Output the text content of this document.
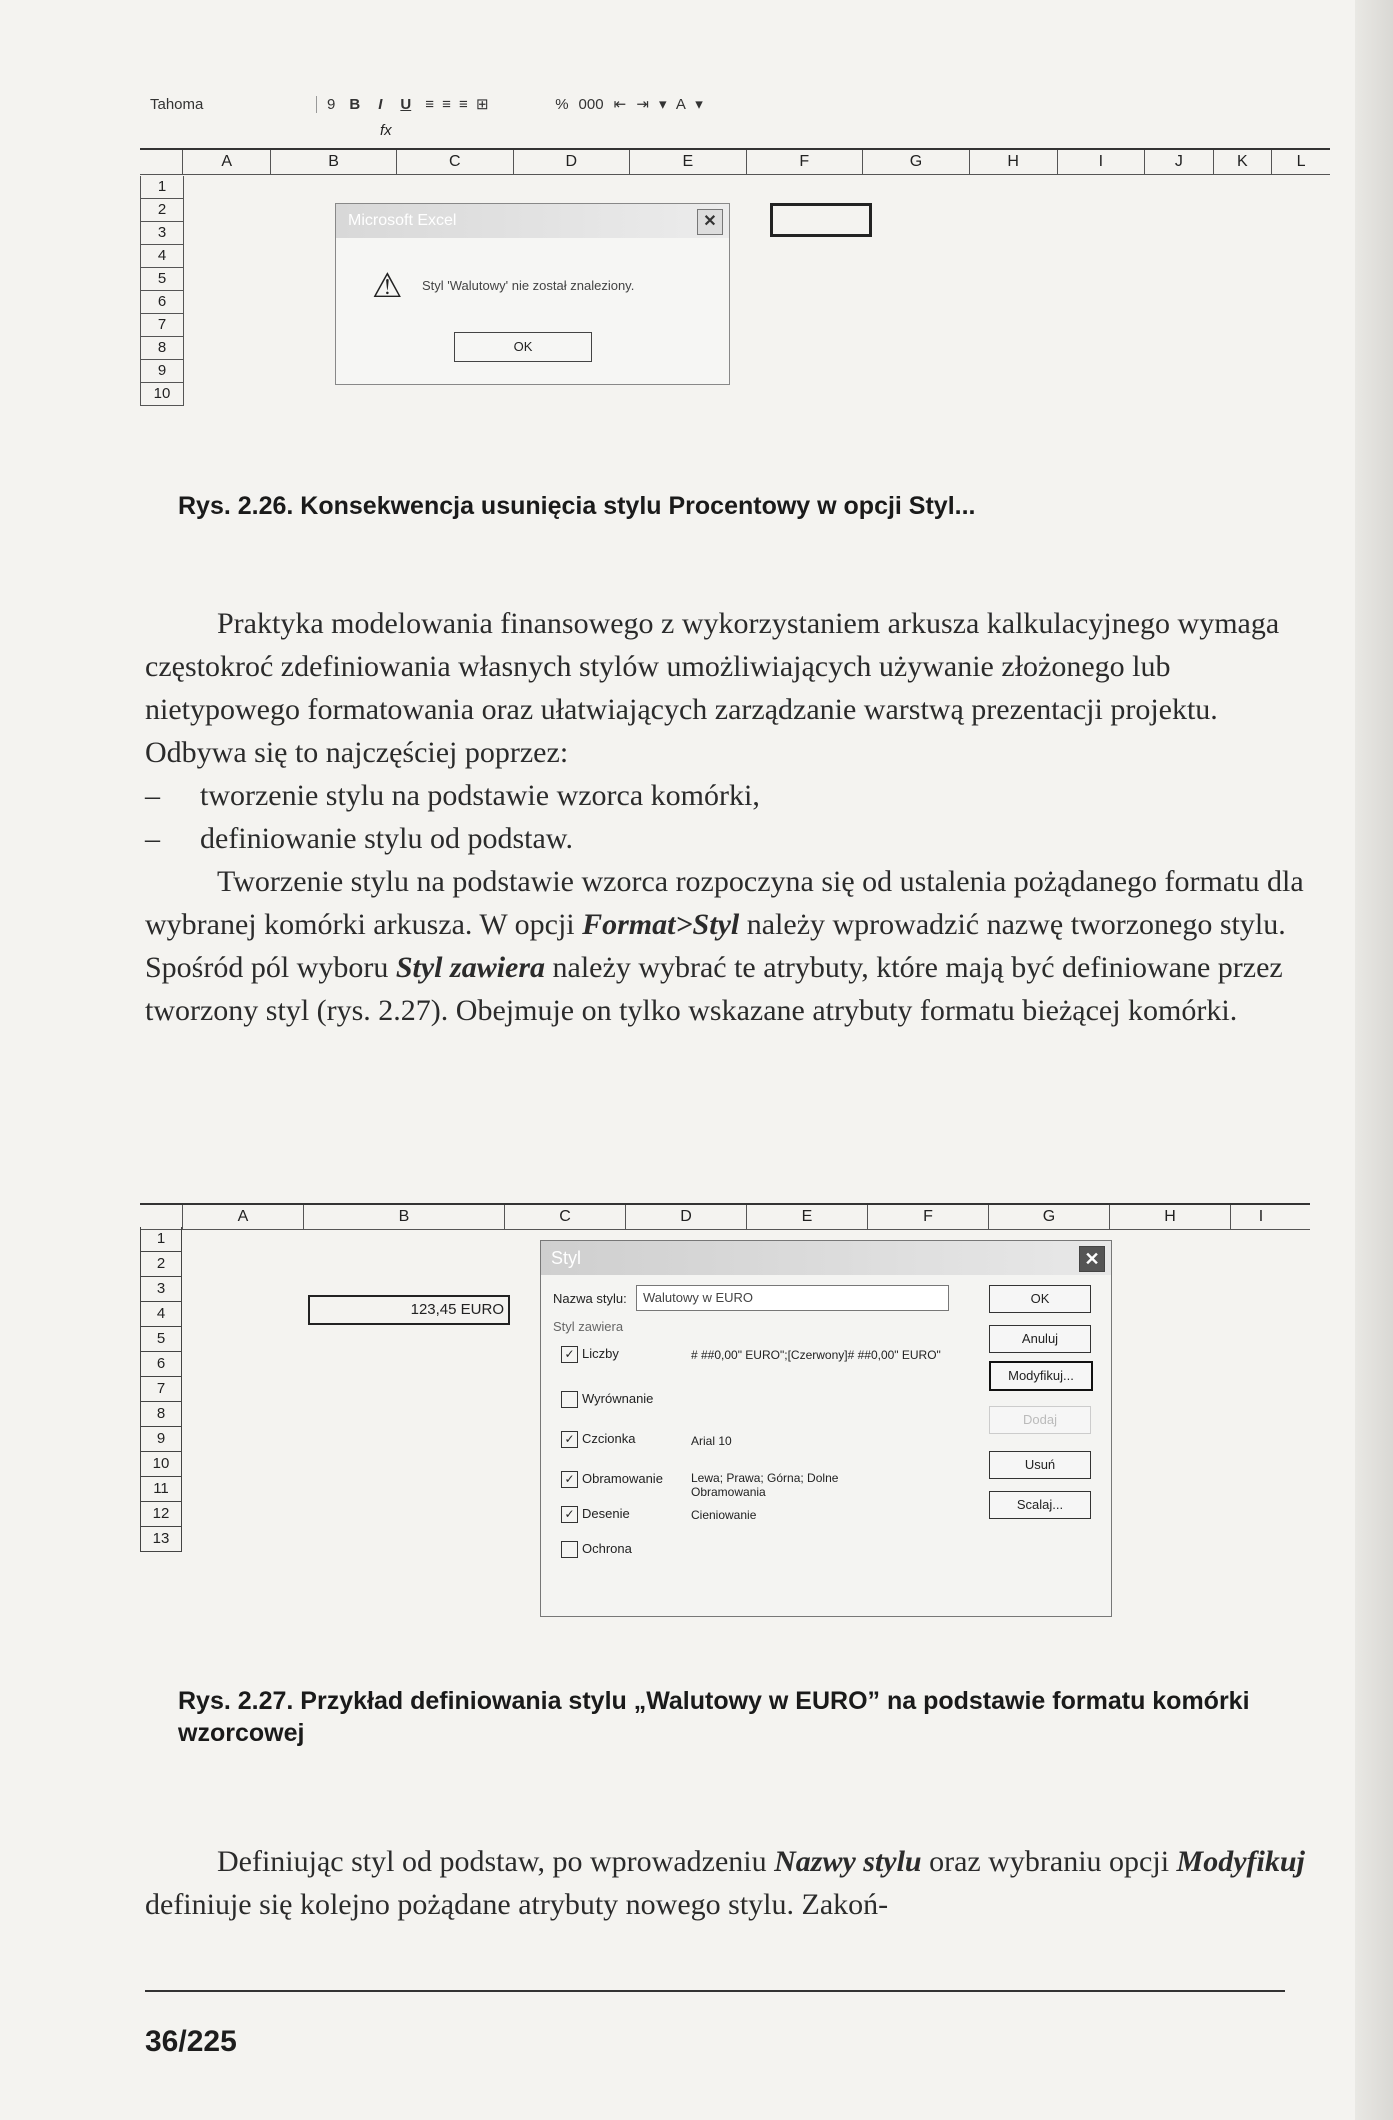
Tahoma	9 B I U ≡ ≡ ≡ ⊞	% 000 ⇤ ⇥ ▾ A ▾
fx
A	B	C	D	E	F	G	H	I	J	K	L
1
2
3
4
5
6
7
8
9
10
Microsoft Excel	✕
⚠ Styl 'Walutowy' nie został znaleziony.
OK
Rys. 2.26. Konsekwencja usunięcia stylu Procentowy w opcji Styl...

Praktyka modelowania finansowego z wykorzystaniem arkusza kalkulacyjnego wymaga częstokroć zdefiniowania własnych stylów umożliwiających używanie złożonego lub nietypowego formatowania oraz ułatwiających zarządzanie warstwą prezentacji projektu. Odbywa się to najczęściej poprzez:

–	tworzenie stylu na podstawie wzorca komórki,

–	definiowanie stylu od podstaw.

Tworzenie stylu na podstawie wzorca rozpoczyna się od ustalenia pożądanego formatu dla wybranej komórki arkusza. W opcji Format>Styl należy wprowadzić nazwę tworzonego stylu. Spośród pól wyboru Styl zawiera należy wybrać te atrybuty, które mają być definiowane przez tworzony styl (rys. 2.27). Obejmuje on tylko wskazane atrybuty formatu bieżącej komórki.

A	B	C	D	E	F	G	H	I
1
2
3
4
5
6
7
8
9
10
11
12
13
123,45 EURO
Styl	✕
Nazwa stylu:	Walutowy w EURO
Styl zawiera
✓ Liczby	# ##0,00" EURO";[Czerwony]# ##0,00" EURO"
Wyrównanie
✓ Czcionka	Arial 10
✓ Obramowanie Lewa; Prawa; Górna; Dolne Obramowania
✓ Desenie	Cieniowanie
Ochrona
OK
Anuluj
Modyfikuj...
Dodaj
Usuń
Scalaj...
Rys. 2.27. Przykład definiowania stylu „Walutowy w EURO” na podstawie formatu komórki wzorcowej

Definiując styl od podstaw, po wprowadzeniu Nazwy stylu oraz wybraniu opcji Modyfikuj definiuje się kolejno pożądane atrybuty nowego stylu. Zakoń-

36/225
